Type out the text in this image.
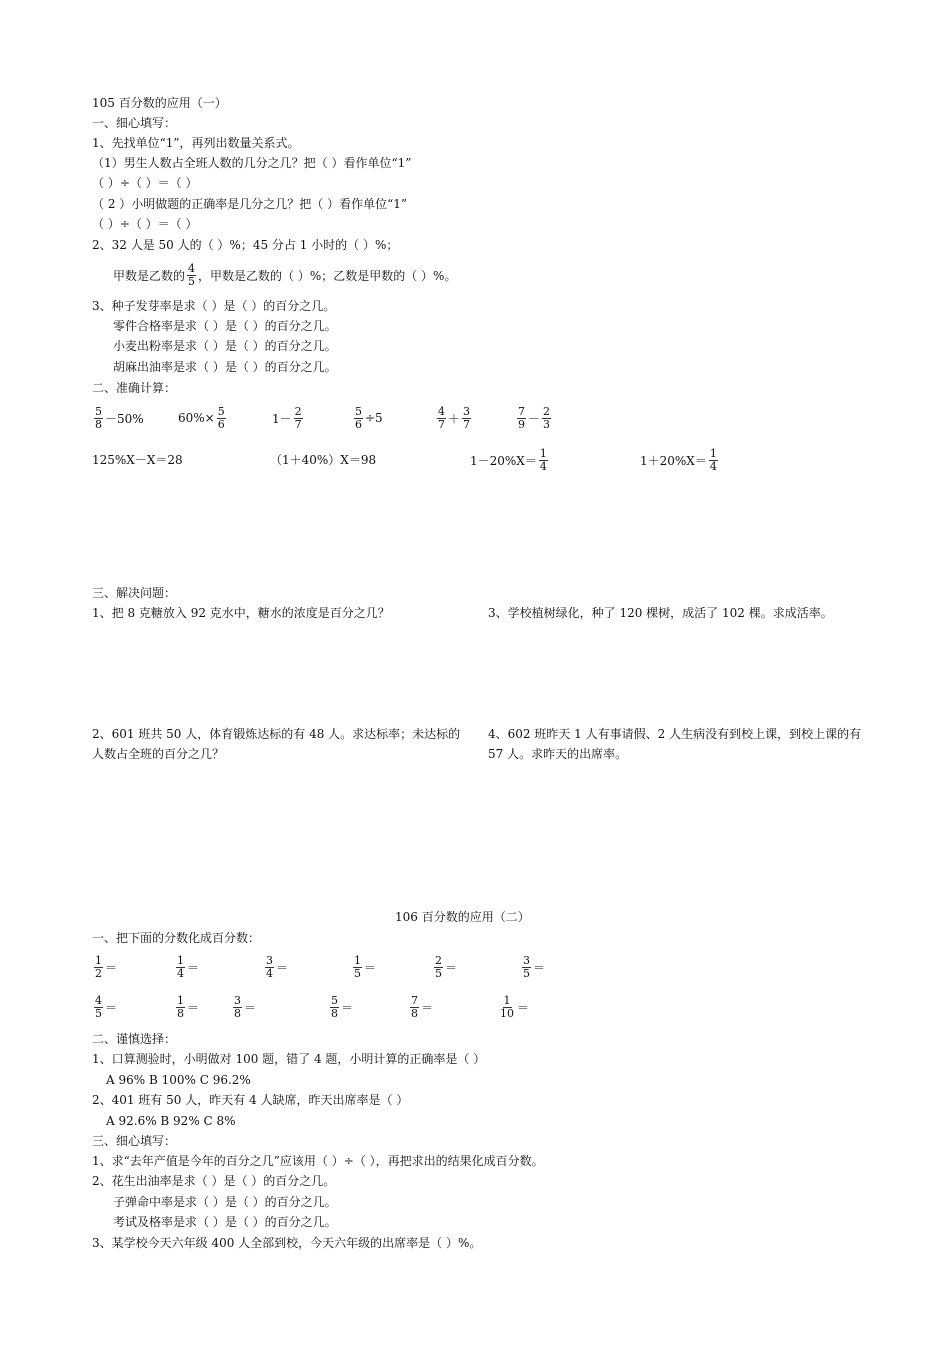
105 百分数的应用（一）
一、细心填写：
1、先找单位“1”，再列出数量关系式。
（1）男生人数占全班人数的几分之几？把（ ）看作单位“1”
（ ）÷（ ）＝（ ）
（ 2 ）小明做题的正确率是几分之几？把（ ）看作单位“1”
（ ）÷（ ）＝（ ）
2、32 人是 50 人的（ ）%；45 分占 1 小时的（ ）%；
甲数是乙数的 $\frac{4}{5}$ ，甲数是乙数的（ ）%；乙数是甲数的（ ）%。
3、种子发芽率是求（ ）是（ ）的百分之几。
零件合格率是求（ ）是（ ）的百分之几。
小麦出粉率是求（ ）是（ ）的百分之几。
胡麻出油率是求（ ）是（ ）的百分之几。
二、准确计算：
$\frac{5}{8} -50\%$	$60\%\times \frac{5}{6}$	$1- \frac{2}{7}$	$\frac{5}{6} \div 5$	$\frac{4}{7} + \frac{3}{7}$	$\frac{7}{9} - \frac{2}{3}$
125%X－X＝28	（1＋40%）X＝98	$1-20\%X= \frac{1}{4}$	$1+20\%X= \frac{1}{4}$
三、解决问题：
1、把 8 克糖放入 92 克水中，糖水的浓度是百分之几？	3、学校植树绿化，种了 120 棵树，成活了 102 棵。求成活率。
2、601 班共 50 人，体育锻炼达标的有 48 人。求达标率；未达标的人数占全班的百分之几？
4、602 班昨天 1 人有事请假、2 人生病没有到校上课，到校上课的有 57 人。求昨天的出席率。
106 百分数的应用（二）
一、把下面的分数化成百分数：
$\frac{1}{2}$ ＝	$\frac{1}{4}$ ＝	$\frac{3}{4}$ ＝	$\frac{1}{5}$ ＝	$\frac{2}{5}$ ＝	$\frac{3}{5}$ ＝
$\frac{4}{5}$ ＝	$\frac{1}{8}$ ＝	$\frac{3}{8}$ ＝	$\frac{5}{8}$ ＝	$\frac{7}{8}$ ＝	$\frac{1}{10}$ ＝
二、谨慎选择：
1、口算测验时，小明做对 100 题，错了 4 题，小明计算的正确率是（ ）
A 96% B 100% C 96.2%
2、401 班有 50 人，昨天有 4 人缺席，昨天出席率是（ ）
A 92.6% B 92% C 8%
三、细心填写：
1、求“去年产值是今年的百分之几”应该用（ ）÷（ ），再把求出的结果化成百分数。
2、花生出油率是求（ ）是（ ）的百分之几。
子弹命中率是求（ ）是（ ）的百分之几。
考试及格率是求（ ）是（ ）的百分之几。
3、某学校今天六年级 400 人全部到校，今天六年级的出席率是（ ）%。
